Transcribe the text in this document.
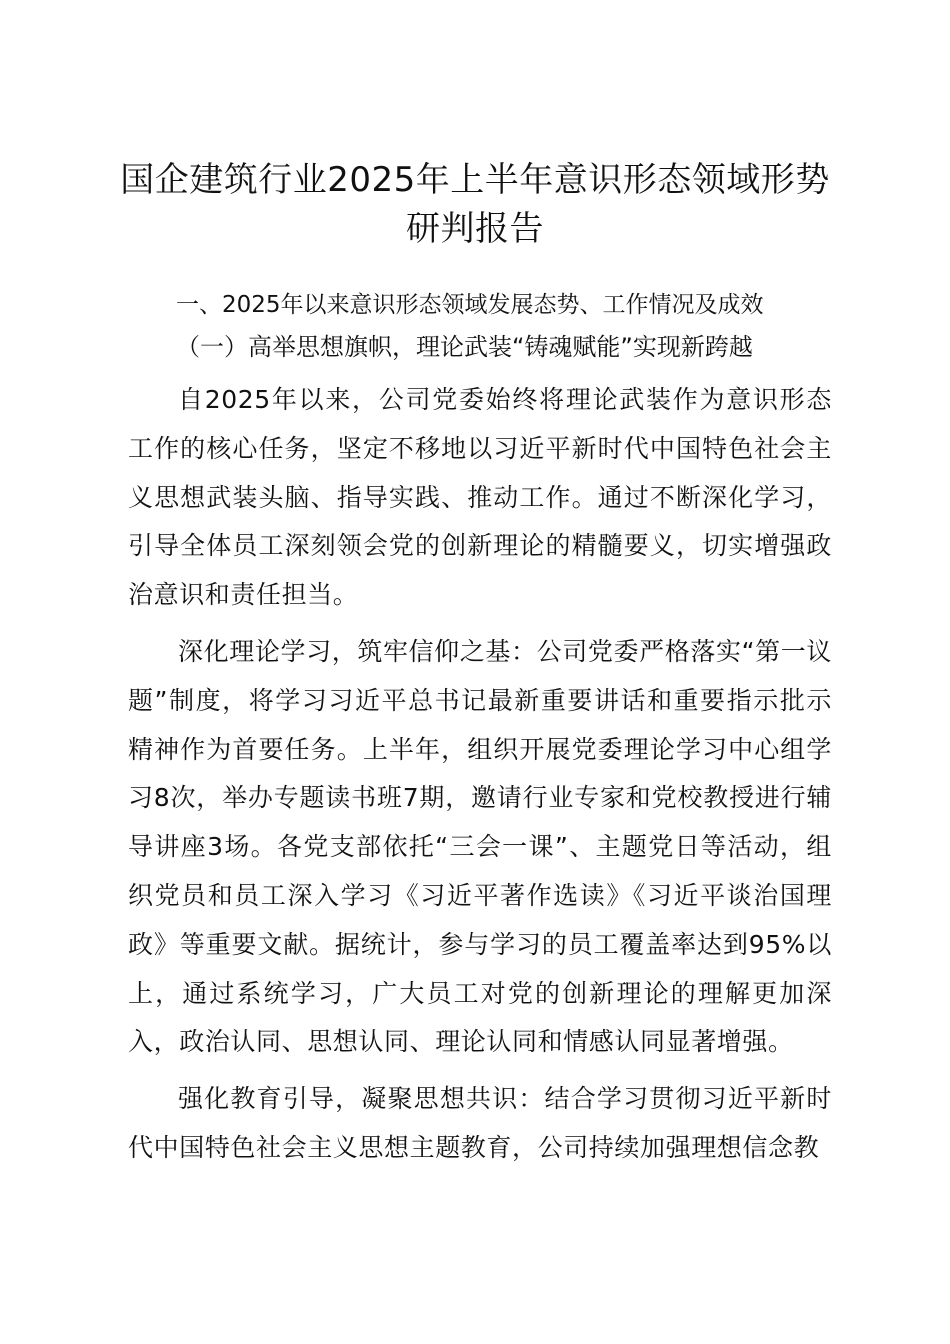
国企建筑行业2025年上半年意识形态领域形势研判报告
一、2025年以来意识形态领域发展态势、工作情况及成效
（一）高举思想旗帜，理论武装“铸魂赋能”实现新跨越

自2025年以来，公司党委始终将理论武装作为意识形态工作的核心任务，坚定不移地以习近平新时代中国特色社会主义思想武装头脑、指导实践、推动工作。通过不断深化学习，引导全体员工深刻领会党的创新理论的精髓要义，切实增强政治意识和责任担当。

深化理论学习，筑牢信仰之基：公司党委严格落实“第一议题”制度，将学习习近平总书记最新重要讲话和重要指示批示精神作为首要任务。上半年，组织开展党委理论学习中心组学习8次，举办专题读书班7期，邀请行业专家和党校教授进行辅导讲座3场。各党支部依托“三会一课”、主题党日等活动，组织党员和员工深入学习《习近平著作选读》《习近平谈治国理政》等重要文献。据统计，参与学习的员工覆盖率达到95%以上，通过系统学习，广大员工对党的创新理论的理解更加深入，政治认同、思想认同、理论认同和情感认同显著增强。

强化教育引导，凝聚思想共识：结合学习贯彻习近平新时代中国特色社会主义思想主题教育，公司持续加强理想信念教
